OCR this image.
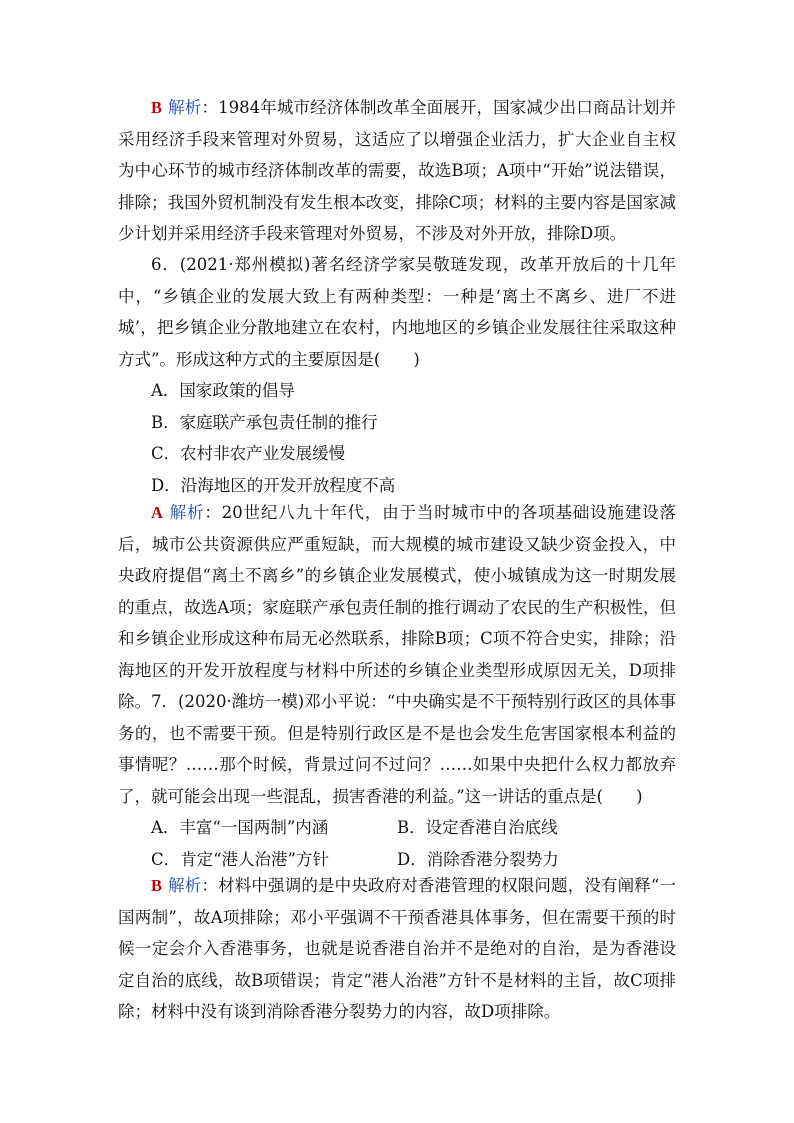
B 解析：1984年城市经济体制改革全面展开，国家减少出口商品计划并采用经济手段来管理对外贸易，这适应了以增强企业活力，扩大企业自主权为中心环节的城市经济体制改革的需要，故选B项；A项中“开始”说法错误，排除；我国外贸机制没有发生根本改变，排除C项；材料的主要内容是国家减少计划并采用经济手段来管理对外贸易，不涉及对外开放，排除D项。

6．(2021·郑州模拟)著名经济学家吴敬琏发现，改革开放后的十几年中，“乡镇企业的发展大致上有两种类型：一种是‘离土不离乡、进厂不进城’，把乡镇企业分散地建立在农村，内地地区的乡镇企业发展往往采取这种方式”。形成这种方式的主要原因是(　　)

A．国家政策的倡导

B．家庭联产承包责任制的推行

C．农村非农产业发展缓慢

D．沿海地区的开发开放程度不高

A 解析：20世纪八九十年代，由于当时城市中的各项基础设施建设落后，城市公共资源供应严重短缺，而大规模的城市建设又缺少资金投入，中央政府提倡“离土不离乡”的乡镇企业发展模式，使小城镇成为这一时期发展的重点，故选A项；家庭联产承包责任制的推行调动了农民的生产积极性，但和乡镇企业形成这种布局无必然联系，排除B项；C项不符合史实，排除；沿海地区的开发开放程度与材料中所述的乡镇企业类型形成原因无关，D项排除。 7．(2020·潍坊一模)邓小平说：“中央确实是不干预特别行政区的具体事务的，也不需要干预。但是特别行政区是不是也会发生危害国家根本利益的事情呢？……那个时候，背景过问不过问？……如果中央把什么权力都放弃了，就可能会出现一些混乱，损害香港的利益。”这一讲话的重点是(　　)

A．丰富“一国两制”内涵	B．设定香港自治底线
C．肯定“港人治港”方针	D．消除香港分裂势力

B 解析：材料中强调的是中央政府对香港管理的权限问题，没有阐释“一国两制”，故A项排除；邓小平强调不干预香港具体事务，但在需要干预的时候一定会介入香港事务，也就是说香港自治并不是绝对的自治，是为香港设定自治的底线，故B项错误；肯定“港人治港”方针不是材料的主旨，故C项排除；材料中没有谈到消除香港分裂势力的内容，故D项排除。
